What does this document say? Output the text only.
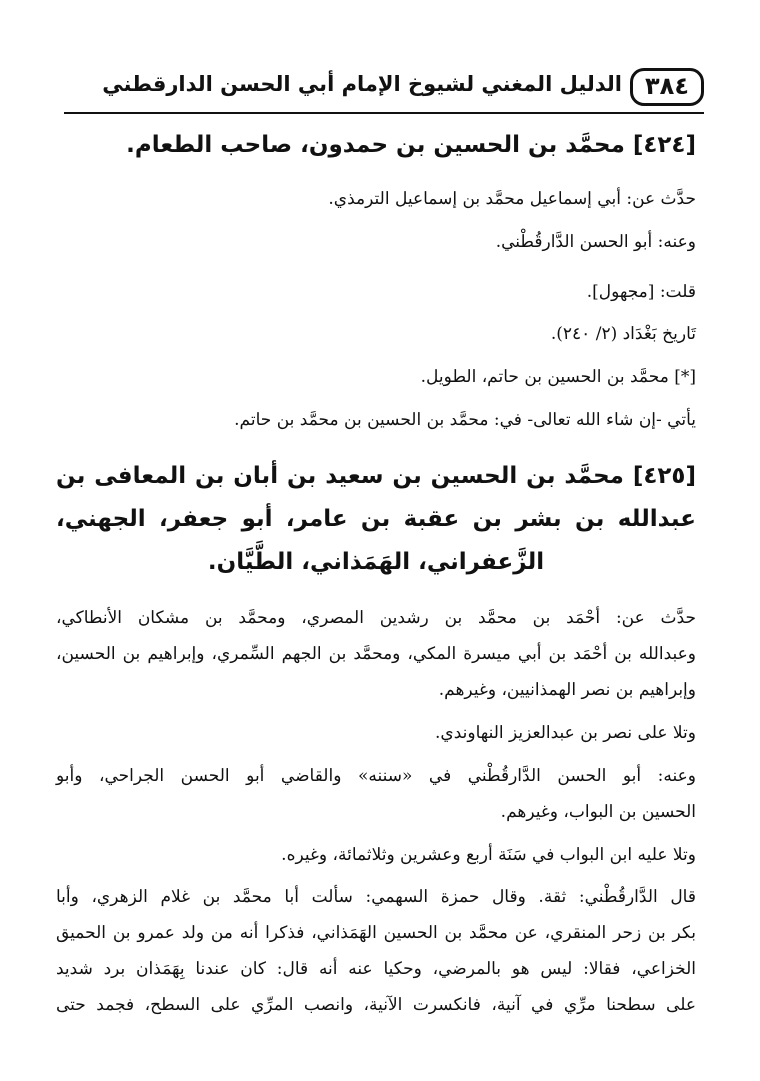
٣٨٤
الدليل المغني لشيوخ الإمام أبي الحسن الدارقطني
[٤٢٤] محمَّد بن الحسين بن حمدون، صاحب الطعام.

حدَّث عن: أبي إسماعيل محمَّد بن إسماعيل الترمذي.

وعنه: أبو الحسن الدَّارقُطْني.

قلت: [مجهول].

تَاريخ بَغْدَاد (٢/ ٢٤٠).

[*] محمَّد بن الحسين بن حاتم، الطويل.

يأتي -إن شاء الله تعالى- في: محمَّد بن الحسين بن محمَّد بن حاتم.

[٤٢٥] محمَّد بن الحسين بن سعيد بن أبان بن المعافى بن
عبدالله بن بشر بن عقبة بن عامر، أبو جعفر، الجهني،
الزَّعفراني، الهَمَذاني، الطَّيَّان.

حدَّث عن: أحْمَد بن محمَّد بن رشدين المصري، ومحمَّد بن مشكان الأنطاكي،

وعبدالله بن أحْمَد بن أبي ميسرة المكي، ومحمَّد بن الجهم السِّمري، وإبراهيم بن الحسين،

وإبراهيم بن نصر الهمذانيين، وغيرهم.

وتلا على نصر بن عبدالعزيز النهاوندي.

وعنه: أبو الحسن الدَّارقُطْني في «سننه» والقاضي أبو الحسن الجراحي، وأبو

الحسين بن البواب، وغيرهم.

وتلا عليه ابن البواب في سَنَة أربع وعشرين وثلاثمائة، وغيره.

قال الدَّارقُطْني: ثقة. وقال حمزة السهمي: سألت أبا محمَّد بن غلام الزهري، وأبا

بكر بن زحر المنقري، عن محمَّد بن الحسين الهَمَذاني، فذكرا أنه من ولد عمرو بن الحميق

الخزاعي، فقالا: ليس هو بالمرضي، وحكيا عنه أنه قال: كان عندنا بِهَمَذان برد شديد

على سطحنا مرِّي في آنية، فانكسرت الآنية، وانصب المرِّي على السطح، فجمد حتى
